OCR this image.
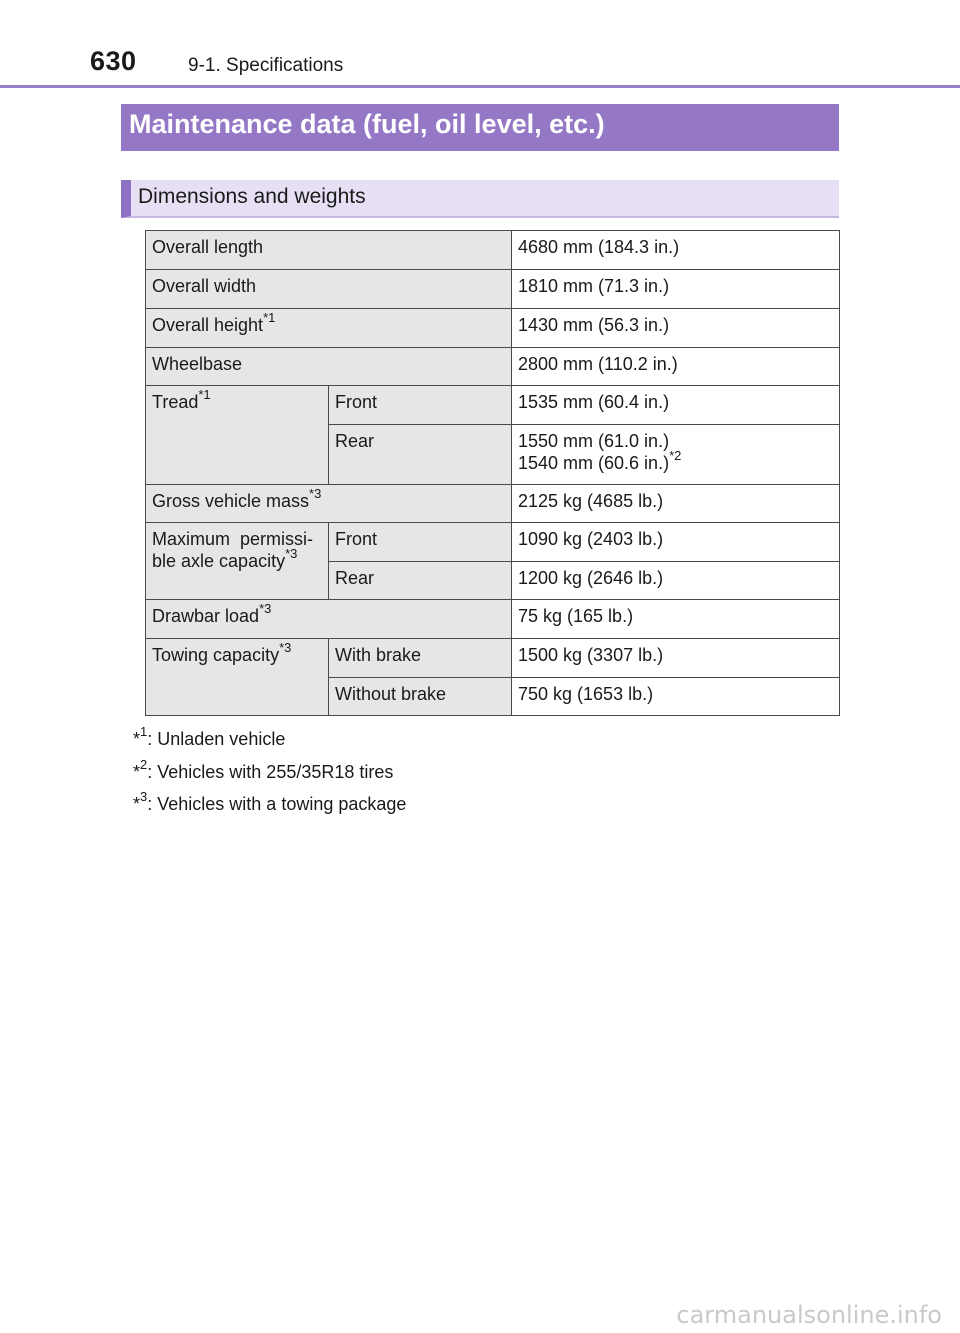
630	9-1. Specifications
Maintenance data (fuel, oil level, etc.)
Dimensions and weights
Overall length		4680 mm (184.3 in.)
Overall width		1810 mm (71.3 in.)
Overall height$^{*1}$		1430 mm (56.3 in.)
Wheelbase		2800 mm (110.2 in.)
Tread$^{*1}$	Front	1535 mm (60.4 in.)
	Rear	1550 mm (61.0 in.)
1540 mm (60.6 in.)$^{*2}$

Gross vehicle mass$^{*3}$		2125 kg (4685 lb.)

Maximum  permissi-
ble axle capacity$^{*3}$	Front	1090 kg (2403 lb.)
	Rear	1200 kg (2646 lb.)
Drawbar load$^{*3}$		75 kg (165 lb.)
Towing capacity$^{*3}$	With brake	1500 kg (3307 lb.)
	Without brake	750 kg (1653 lb.)
*$^1$: Unladen vehicle
*$^2$: Vehicles with 255/35R18 tires
*$^3$: Vehicles with a towing package
carmanualsonline.info
